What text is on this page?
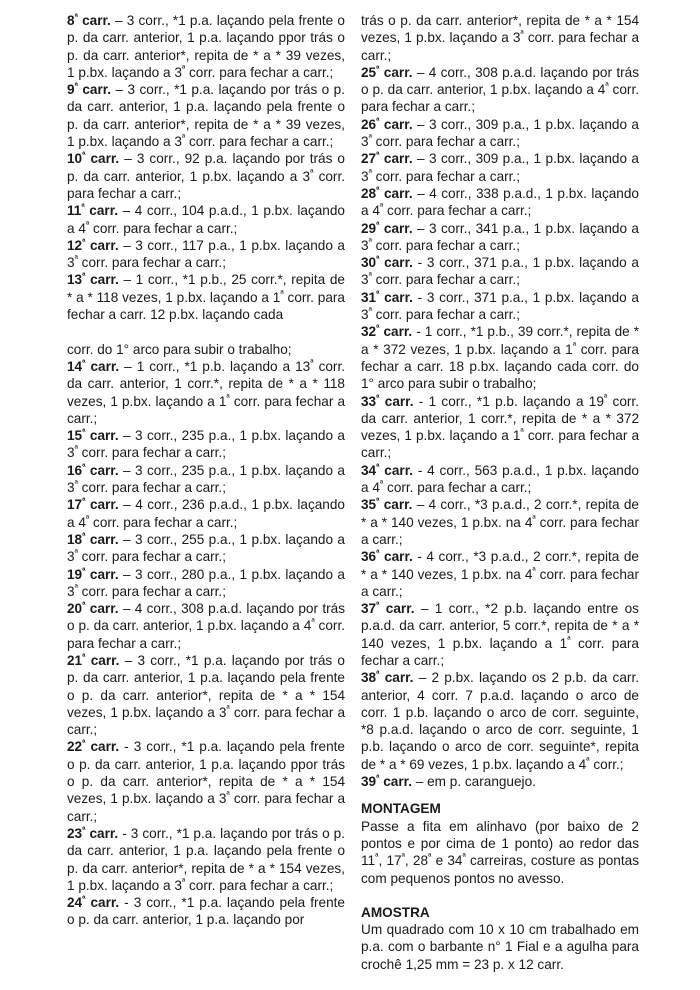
$8^ª$ carr. – 3 corr., *1 p.a. laçando pela frente o p. da carr. anterior, 1 p.a. laçando ppor trás o p. da carr. anterior*, repita de * a * 39 vezes, 1 p.bx. laçando a $3^ª$ corr. para fechar a carr.;

$9^ª$ carr. – 3 corr., *1 p.a. laçando por trás o p. da carr. anterior, 1 p.a. laçando pela frente o p. da carr. anterior*, repita de * a * 39 vezes, 1 p.bx. laçando a $3^ª$ corr. para fechar a carr.;

$10^ª$ carr. – 3 corr., 92 p.a. laçando por trás o p. da carr. anterior, 1 p.bx. laçando a $3^ª$ corr. para fechar a carr.;

$11^ª$ carr. – 4 corr., 104 p.a.d., 1 p.bx. laçando a $4^ª$ corr. para fechar a carr.;

$12^ª$ carr. – 3 corr., 117 p.a., 1 p.bx. laçando a $3^ª$ corr. para fechar a carr.;

$13^ª$ carr. – 1 corr., *1 p.b., 25 corr.*, repita de * a * 118 vezes, 1 p.bx. laçando a $1^ª$ corr. para fechar a carr. 12 p.bx. laçando cada

corr. do 1° arco para subir o trabalho;

$14^ª$ carr. – 1 corr., *1 p.b. laçando a $13^ª$ corr. da carr. anterior, 1 corr.*, repita de * a * 118 vezes, 1 p.bx. laçando a $1^ª$ corr. para fechar a carr.;

$15^ª$ carr. – 3 corr., 235 p.a., 1 p.bx. laçando a $3^ª$ corr. para fechar a carr.;

$16^ª$ carr. – 3 corr., 235 p.a., 1 p.bx. laçando a $3^ª$ corr. para fechar a carr.;

$17^ª$ carr. – 4 corr., 236 p.a.d., 1 p.bx. laçando a $4^ª$ corr. para fechar a carr.;

$18^ª$ carr. – 3 corr., 255 p.a., 1 p.bx. laçando a $3^ª$ corr. para fechar a carr.;

$19^ª$ carr. – 3 corr., 280 p.a., 1 p.bx. laçando a $3^ª$ corr. para fechar a carr.;

$20^ª$ carr. – 4 corr., 308 p.a.d. laçando por trás o p. da carr. anterior, 1 p.bx. laçando a $4^ª$ corr. para fechar a carr.;

$21^ª$ carr. – 3 corr., *1 p.a. laçando por trás o p. da carr. anterior, 1 p.a. laçando pela frente o p. da carr. anterior*, repita de * a * 154 vezes, 1 p.bx. laçando a $3^ª$ corr. para fechar a carr.;

$22^ª$ carr. - 3 corr., *1 p.a. laçando pela frente o p. da carr. anterior, 1 p.a. laçando ppor trás o p. da carr. anterior*, repita de * a * 154 vezes, 1 p.bx. laçando a $3^ª$ corr. para fechar a carr.;

$23^ª$ carr. - 3 corr., *1 p.a. laçando por trás o p. da carr. anterior, 1 p.a. laçando pela frente o p. da carr. anterior*, repita de * a * 154 vezes, 1 p.bx. laçando a $3^ª$ corr. para fechar a carr.;

$24^ª$ carr. - 3 corr., *1 p.a. laçando pela frente o p. da carr. anterior, 1 p.a. laçando por

trás o p. da carr. anterior*, repita de * a * 154 vezes, 1 p.bx. laçando a $3^ª$ corr. para fechar a carr.;

$25^ª$ carr. – 4 corr., 308 p.a.d. laçando por trás o p. da carr. anterior, 1 p.bx. laçando a $4^ª$ corr. para fechar a carr.;

$26^ª$ carr. – 3 corr., 309 p.a., 1 p.bx. laçando a $3^ª$ corr. para fechar a carr.;

$27^ª$ carr. – 3 corr., 309 p.a., 1 p.bx. laçando a $3^ª$ corr. para fechar a carr.;

$28^ª$ carr. – 4 corr., 338 p.a.d., 1 p.bx. laçando a $4^ª$ corr. para fechar a carr.;

$29^ª$ carr. – 3 corr., 341 p.a., 1 p.bx. laçando a $3^ª$ corr. para fechar a carr.;

$30^ª$ carr. - 3 corr., 371 p.a., 1 p.bx. laçando a $3^ª$ corr. para fechar a carr.;

$31^ª$ carr. - 3 corr., 371 p.a., 1 p.bx. laçando a $3^ª$ corr. para fechar a carr.;

$32^ª$ carr. - 1 corr., *1 p.b., 39 corr.*, repita de * a * 372 vezes, 1 p.bx. laçando a $1^ª$ corr. para fechar a carr. 18 p.bx. laçando cada corr. do 1° arco para subir o trabalho;

$33^ª$ carr. - 1 corr., *1 p.b. laçando a $19^ª$ corr. da carr. anterior, 1 corr.*, repita de * a * 372 vezes, 1 p.bx. laçando a $1^ª$ corr. para fechar a carr.;

$34^ª$ carr. - 4 corr., 563 p.a.d., 1 p.bx. laçando a $4^ª$ corr. para fechar a carr.;

$35^ª$ carr. – 4 corr., *3 p.a.d., 2 corr.*, repita de * a * 140 vezes, 1 p.bx. na $4^ª$ corr. para fechar a carr.;

$36^ª$ carr. - 4 corr., *3 p.a.d., 2 corr.*, repita de * a * 140 vezes, 1 p.bx. na $4^ª$ corr. para fechar a carr.;

$37^ª$ carr. – 1 corr., *2 p.b. laçando entre os p.a.d. da carr. anterior, 5 corr.*, repita de * a * 140 vezes, 1 p.bx. laçando a $1^ª$ corr. para fechar a carr.;

$38^ª$ carr. – 2 p.bx. laçando os 2 p.b. da carr. anterior, 4 corr. 7 p.a.d. laçando o arco de corr. 1 p.b. laçando o arco de corr. seguinte, *8 p.a.d. laçando o arco de corr. seguinte, 1 p.b. laçando o arco de corr. seguinte*, repita de * a * 69 vezes, 1 p.bx. laçando a $4^ª$ corr.;

$39^ª$ carr. – em p. caranguejo.

MONTAGEM

Passe a fita em alinhavo (por baixo de 2 pontos e por cima de 1 ponto) ao redor das $11^ª$, $17^ª$, $28^ª$ e $34^ª$ carreiras, costure as pontas com pequenos pontos no avesso.

AMOSTRA

Um quadrado com 10 x 10 cm trabalhado em p.a. com o barbante n° 1 Fial e a agulha para crochê 1,25 mm = 23 p. x 12 carr.
